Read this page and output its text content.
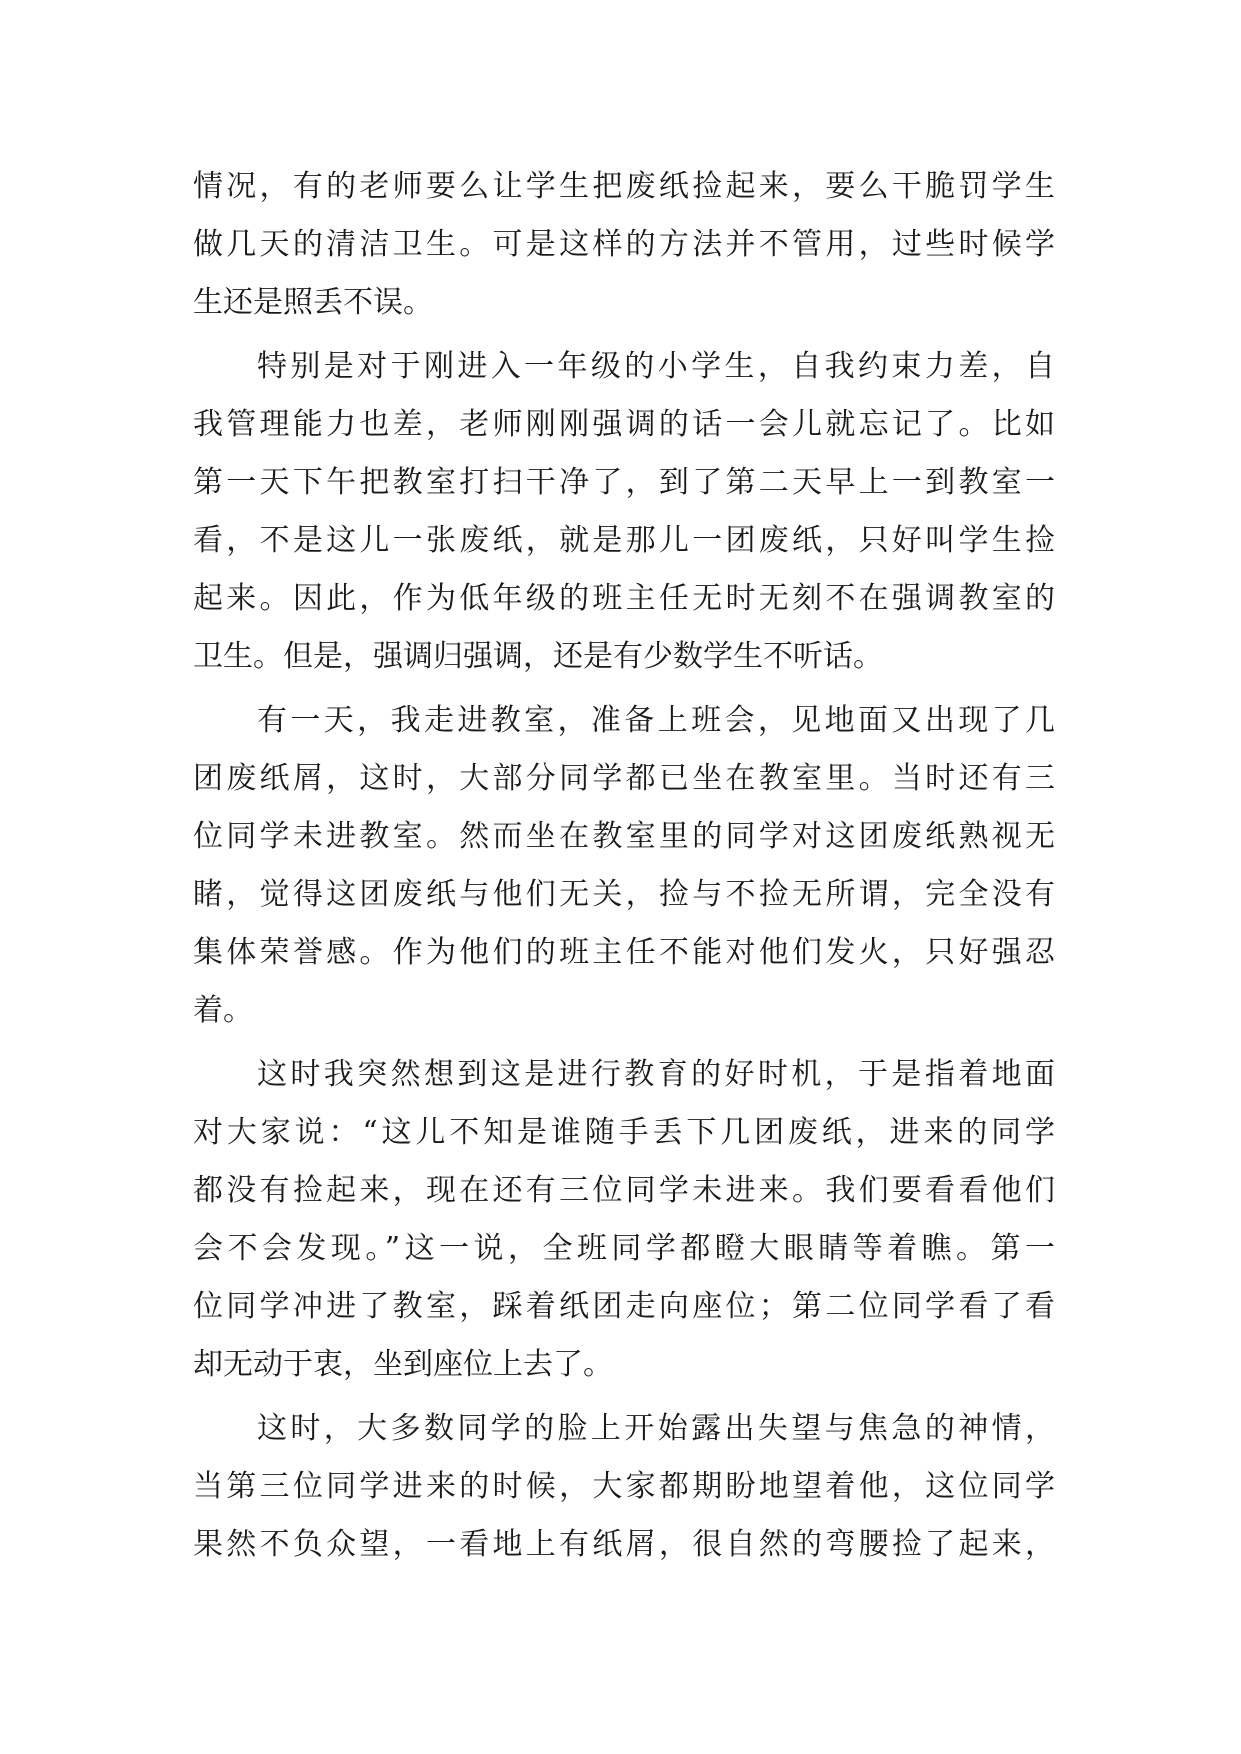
情况，有的老师要么让学生把废纸捡起来，要么干脆罚学生
做几天的清洁卫生。可是这样的方法并不管用，过些时候学
生还是照丢不误。
特别是对于刚进入一年级的小学生，自我约束力差，自
我管理能力也差，老师刚刚强调的话一会儿就忘记了。比如
第一天下午把教室打扫干净了，到了第二天早上一到教室一
看，不是这儿一张废纸，就是那儿一团废纸，只好叫学生捡
起来。因此，作为低年级的班主任无时无刻不在强调教室的
卫生。但是，强调归强调，还是有少数学生不听话。
有一天，我走进教室，准备上班会，见地面又出现了几
团废纸屑，这时，大部分同学都已坐在教室里。当时还有三
位同学未进教室。然而坐在教室里的同学对这团废纸熟视无
睹，觉得这团废纸与他们无关，捡与不捡无所谓，完全没有
集体荣誉感。作为他们的班主任不能对他们发火，只好强忍
着。
这时我突然想到这是进行教育的好时机，于是指着地面
对大家说：“这儿不知是谁随手丢下几团废纸，进来的同学
都没有捡起来，现在还有三位同学未进来。我们要看看他们
会不会发现。”这一说，全班同学都瞪大眼睛等着瞧。第一
位同学冲进了教室，踩着纸团走向座位；第二位同学看了看
却无动于衷，坐到座位上去了。
这时，大多数同学的脸上开始露出失望与焦急的神情，
当第三位同学进来的时候，大家都期盼地望着他，这位同学
果然不负众望，一看地上有纸屑，很自然的弯腰捡了起来，
